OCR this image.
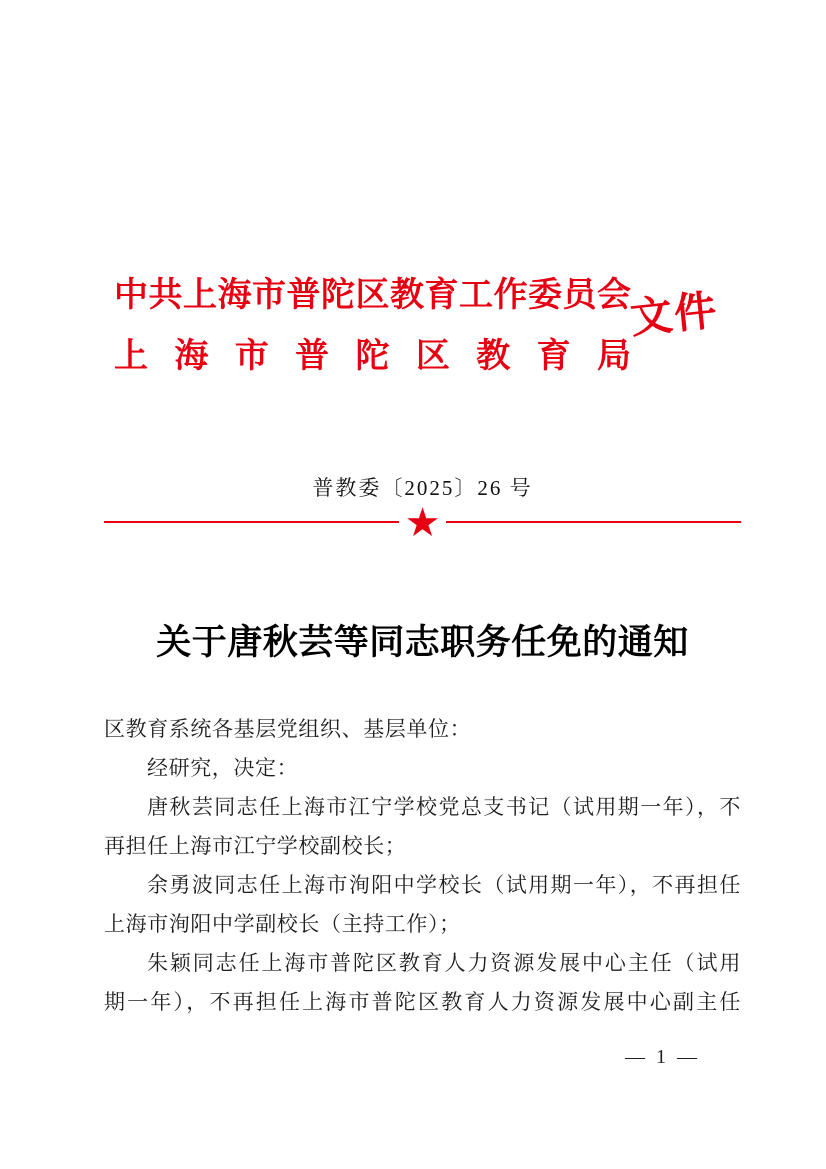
中共上海市普陀区教育工作委员会
上海市普陀区教育局
文件
普教委〔2025〕26 号
★
关于唐秋芸等同志职务任免的通知
区教育系统各基层党组织、基层单位：
经研究，决定：
唐秋芸同志任上海市江宁学校党总支书记（试用期一年），不
再担任上海市江宁学校副校长；
余勇波同志任上海市洵阳中学校长（试用期一年），不再担任
上海市洵阳中学副校长（主持工作）；
朱颖同志任上海市普陀区教育人力资源发展中心主任（试用
期一年），不再担任上海市普陀区教育人力资源发展中心副主任
— 1 —
